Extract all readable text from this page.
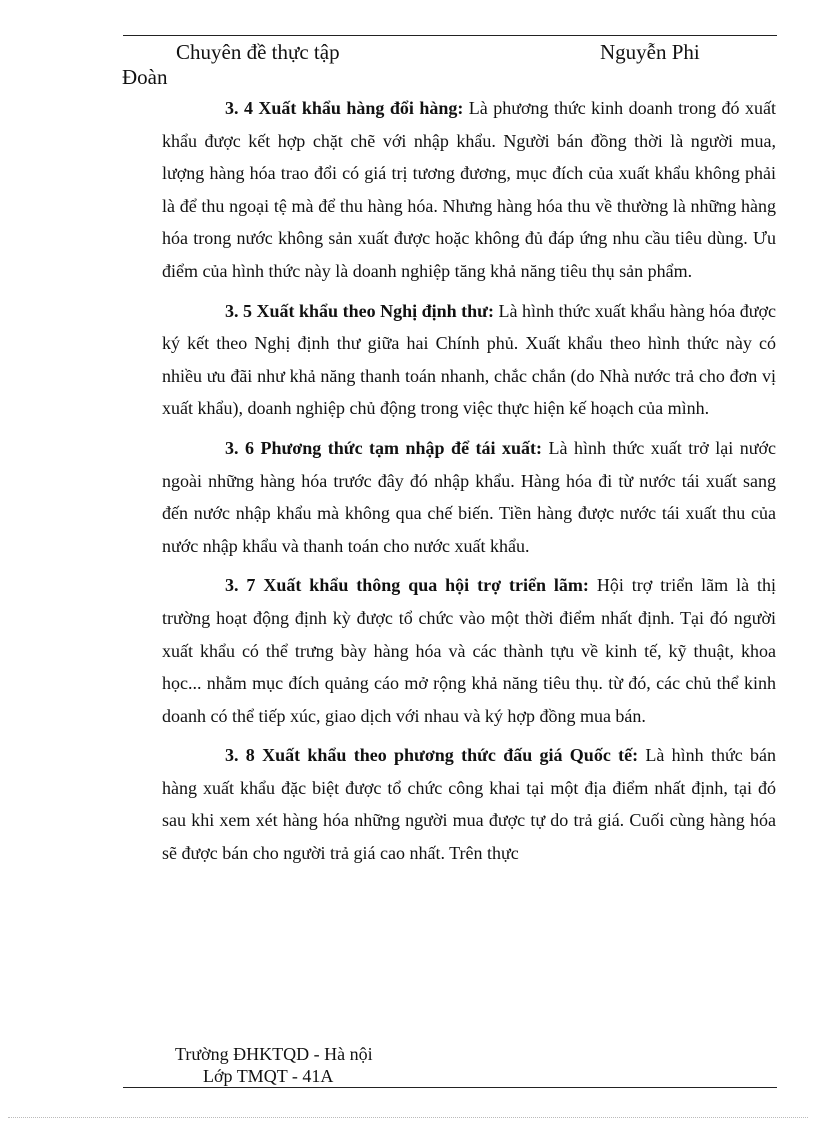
Chuyên đề thực tập	Nguyễn Phi
Đoàn

3. 4 Xuất khẩu hàng đổi hàng: Là phương thức kinh doanh trong đó xuất khẩu được kết hợp chặt chẽ với nhập khẩu. Người bán đồng thời là người mua, lượng hàng hóa trao đổi có giá trị tương đương, mục đích của xuất khẩu không phải là để thu ngoại tệ mà để thu hàng hóa. Nhưng hàng hóa thu về thường là những hàng hóa trong nước không sản xuất được hoặc không đủ đáp ứng nhu cầu tiêu dùng. Ưu điểm của hình thức này là doanh nghiệp tăng khả năng tiêu thụ sản phẩm.

3. 5 Xuất khẩu theo Nghị định thư: Là hình thức xuất khẩu hàng hóa được ký kết theo Nghị định thư giữa hai Chính phủ. Xuất khẩu theo hình thức này có nhiều ưu đãi như khả năng thanh toán nhanh, chắc chắn (do Nhà nước trả cho đơn vị xuất khẩu), doanh nghiệp chủ động trong việc thực hiện kế hoạch của mình.

3. 6 Phương thức tạm nhập để tái xuất: Là hình thức xuất trở lại nước ngoài những hàng hóa trước đây đó nhập khẩu. Hàng hóa đi từ nước tái xuất sang đến nước nhập khẩu mà không qua chế biến. Tiền hàng được nước tái xuất thu của nước nhập khẩu và thanh toán cho nước xuất khẩu.

3. 7 Xuất khẩu thông qua hội trợ triển lãm: Hội trợ triển lãm là thị trường hoạt động định kỳ được tổ chức vào một thời điểm nhất định. Tại đó người xuất khẩu có thể trưng bày hàng hóa và các thành tựu về kinh tế, kỹ thuật, khoa học... nhằm mục đích quảng cáo mở rộng khả năng tiêu thụ. từ đó, các chủ thể kinh doanh có thể tiếp xúc, giao dịch với nhau và ký hợp đồng mua bán.

3. 8 Xuất khẩu theo phương thức đấu giá Quốc tế: Là hình thức bán hàng xuất khẩu đặc biệt được tổ chức công khai tại một địa điểm nhất định, tại đó sau khi xem xét hàng hóa những người mua được tự do trả giá. Cuối cùng hàng hóa sẽ được bán cho người trả giá cao nhất. Trên thực

Trường ĐHKTQD - Hà nội
Lớp TMQT - 41A
